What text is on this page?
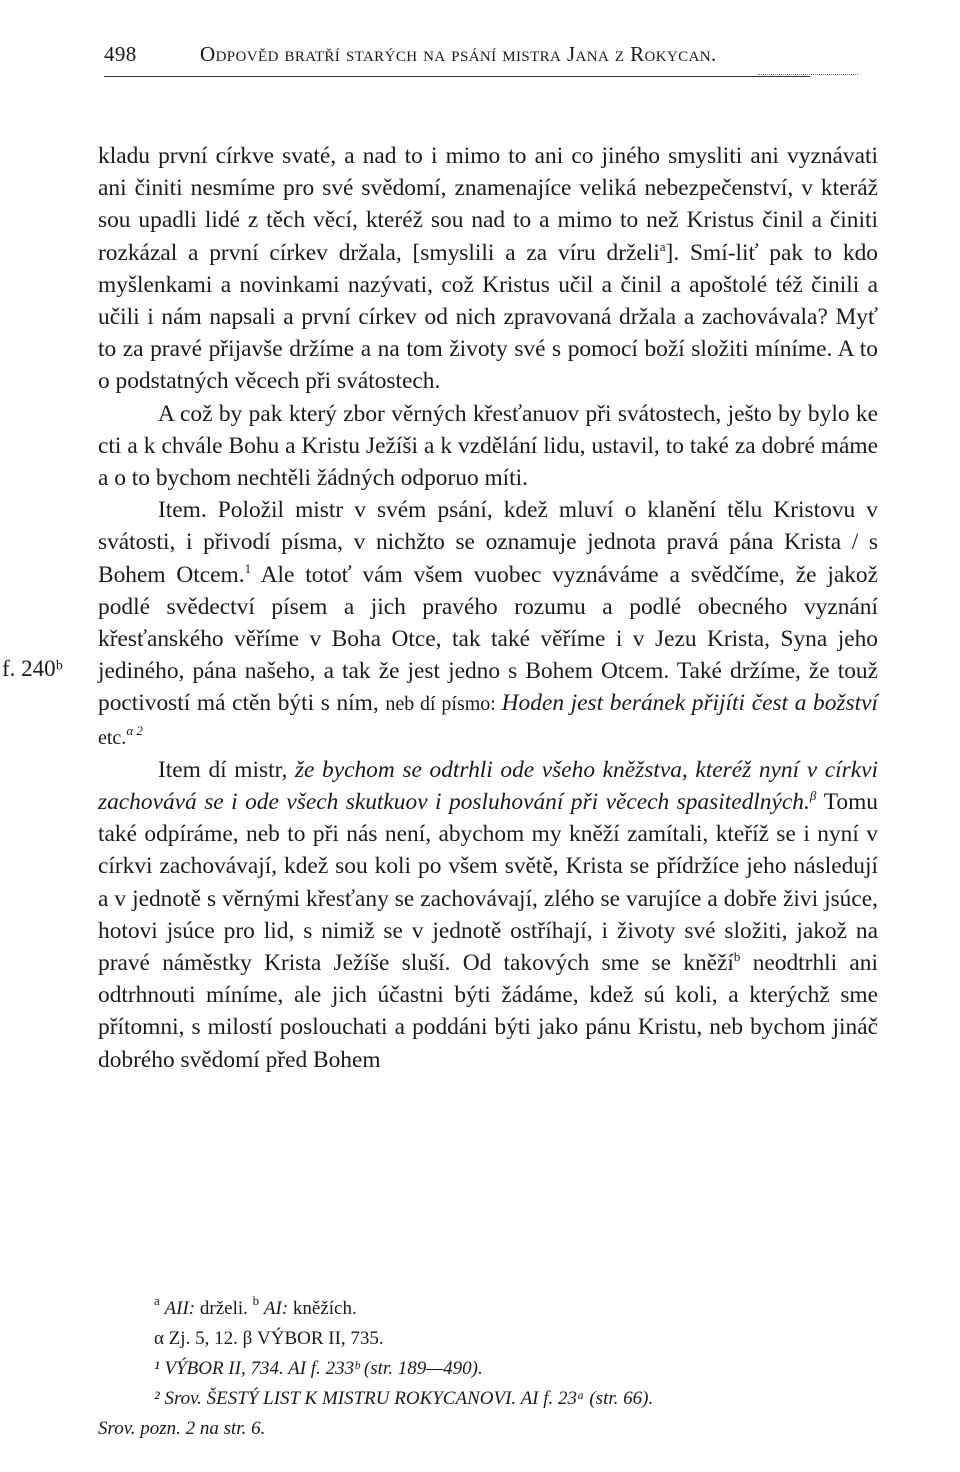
498	Odpověd bratří starých na psání mistra Jana z Rokycan.
f. 240ᵇ

kladu první církve svaté, a nad to i mimo to ani co jiného smysliti ani vyznávati ani činiti nesmíme pro své svědomí, znamenajíce veliká nebezpečenství, v kteráž sou upadli lidé z těch věcí, kteréž sou nad to a mimo to než Kristus činil a činiti rozkázal a první církev držala, [smyslili a za víru drželi$^a$]. Smí-liť pak to kdo myšlenkami a novinkami nazývati, což Kristus učil a činil a apoštolé též činili a učili i nám napsali a první církev od nich zpravovaná držala a zachovávala? Myť to za pravé přijavše držíme a na tom životy své s pomocí boží složiti míníme. A to o podstatných věcech při svátostech.

A což by pak který zbor věrných křesťanuov při svátostech, ješto by bylo ke cti a k chvále Bohu a Kristu Ježíši a k vzdělání lidu, ustavil, to také za dobré máme a o to bychom nechtěli žádných odporuo míti.

Item. Položil mistr v svém psání, kdež mluví o klanění tělu Kristovu v svátosti, i přivodí písma, v nichžto se oznamuje jednota pravá pána Krista / s Bohem Otcem.$^1$ Ale totoť vám všem vuobec vyznáváme a svědčíme, že jakož podlé svědectví písem a jich pravého rozumu a podlé obecného vyznání křesťanského věříme v Boha Otce, tak také věříme i v Jezu Krista, Syna jeho jediného, pána našeho, a tak že jest jedno s Bohem Otcem. Také držíme, že touž poctivostí má ctěn býti s ním, neb dí písmo: Hoden jest beránek přijíti čest a božství etc.$^{\alpha 2}$

Item dí mistr, že bychom se odtrhli ode všeho kněžstva, kteréž nyní v církvi zachovává se i ode všech skutkuov i posluhování při věcech spasitedlných.$^\beta$ Tomu také odpíráme, neb to při nás není, abychom my kněží zamítali, kteříž se i nyní v církvi zachovávají, kdež sou koli po všem světě, Krista se přídržíce jeho následují a v jednotě s věrnými křesťany se zachovávají, zlého se varujíce a dobře živi jsúce, hotovi jsúce pro lid, s nimiž se v jednotě ostříhají, i životy své složiti, jakož na pravé náměstky Krista Ježíše sluší. Od takových sme se kněží$^b$ neodtrhli ani odtrhnouti míníme, ale jich účastni býti žádáme, kdež sú koli, a kterýchž sme přítomni, s milostí poslouchati a poddáni býti jako pánu Kristu, neb bychom jináč dobrého svědomí před Bohem

$^a$ AII: drželi. $^b$ AI: kněžích.
α Zj. 5, 12. β VÝBOR II, 735.
¹ VÝBOR II, 734. AI f. 233ᵇ (str. 189—490).
² Srov. ŠESTÝ LIST K MISTRU ROKYCANOVI. AI f. 23ᵃ (str. 66).
Srov. pozn. 2 na str. 6.
